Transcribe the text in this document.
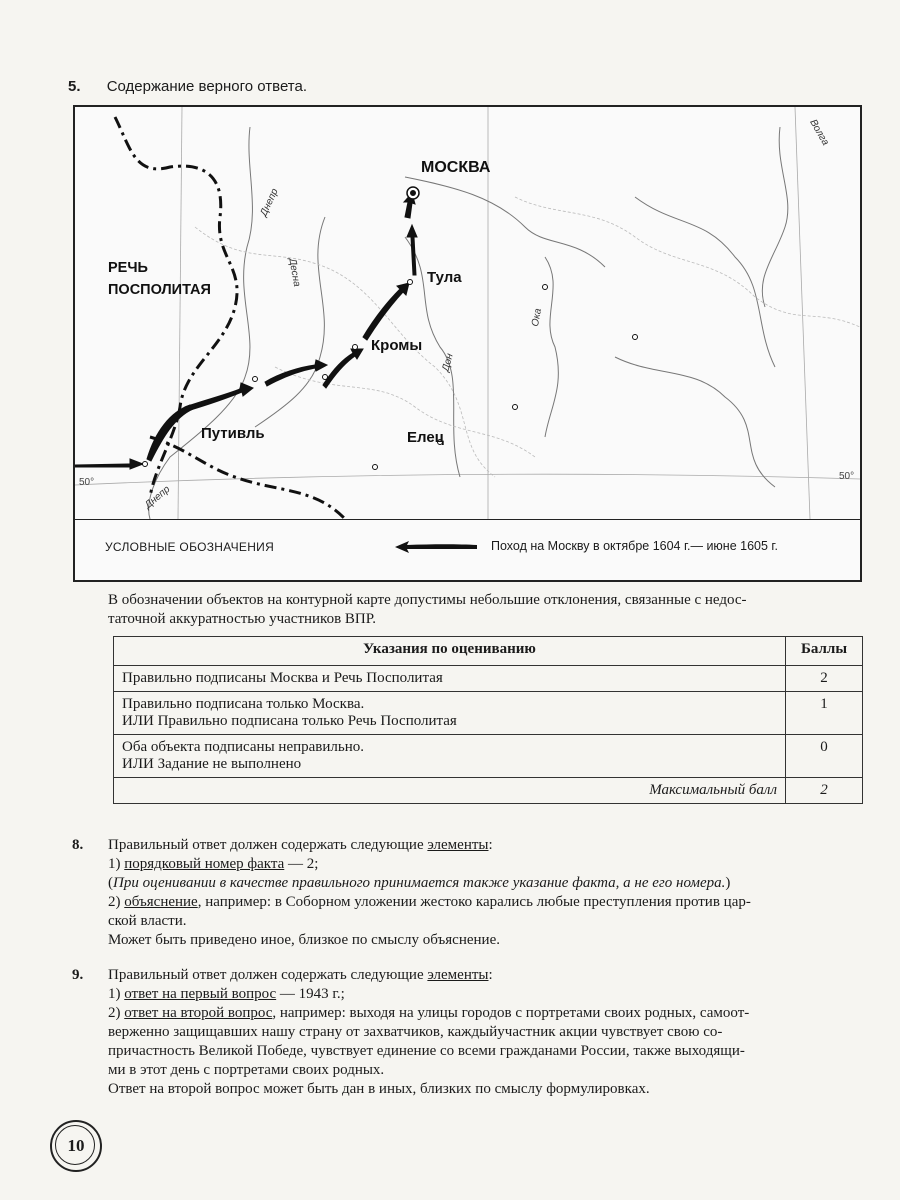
5. Содержание верного ответа.
МОСКВА
Тула
Кромы
Путивль	Елец
РЕЧЬ
ПОСПОЛИТАЯ
Волга
Днепр
Десна
Ока
Дон
Днепр
50°
50°
УСЛОВНЫЕ ОБОЗНАЧЕНИЯ	Поход на Москву в октябре 1604 г.— июне 1605 г.
В обозначении объектов на контурной карте допустимы небольшие отклонения, связанные с недос-
таточной аккуратностью участников ВПР.
Указания по оцениванию	Баллы
Правильно подписаны Москва и Речь Посполитая	2

Правильно подписана только Москва.
ИЛИ Правильно подписана только Речь Посполитая	1

Оба объекта подписаны неправильно.
ИЛИ Задание не выполнено	0
Максимальный балл	2
8. Правильный ответ должен содержать следующие элементы:
1) порядковый номер факта — 2;
(При оценивании в качестве правильного принимается также указание факта, а не его номера.)
2) объяснение, например: в Соборном уложении жестоко карались любые преступления против цар-
ской власти.
Может быть приведено иное, близкое по смыслу объяснение.
9. Правильный ответ должен содержать следующие элементы:
1) ответ на первый вопрос — 1943 г.;
2) ответ на второй вопрос, например: выходя на улицы городов с портретами своих родных, самоот-
верженно защищавших нашу страну от захватчиков, каждыйучастник акции чувствует свою со-
причастность Великой Победе, чувствует единение со всеми гражданами России, также выходящи-
ми в этот день с портретами своих родных.
Ответ на второй вопрос может быть дан в иных, близких по смыслу формулировках.
10
